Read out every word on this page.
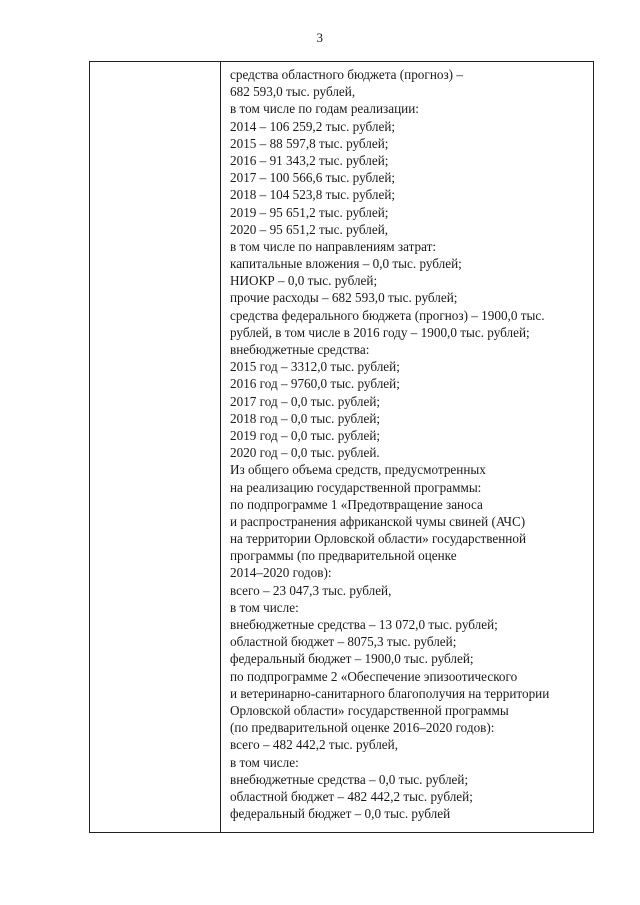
3
средства областного бюджета (прогноз) –
682 593,0 тыс. рублей,
в том числе по годам реализации:
2014 – 106 259,2 тыс. рублей;
2015 – 88 597,8 тыс. рублей;
2016 – 91 343,2 тыс. рублей;
2017 – 100 566,6 тыс. рублей;
2018 – 104 523,8 тыс. рублей;
2019 – 95 651,2 тыс. рублей;
2020 – 95 651,2 тыс. рублей,
в том числе по направлениям затрат:
капитальные вложения – 0,0 тыс. рублей;
НИОКР – 0,0 тыс. рублей;
прочие расходы – 682 593,0 тыс. рублей;
средства федерального бюджета (прогноз) – 1900,0 тыс.
рублей, в том числе в 2016 году – 1900,0 тыс. рублей;
внебюджетные средства:
2015 год – 3312,0 тыс. рублей;
2016 год – 9760,0 тыс. рублей;
2017 год – 0,0 тыс. рублей;
2018 год – 0,0 тыс. рублей;
2019 год – 0,0 тыс. рублей;
2020 год – 0,0 тыс. рублей.
Из общего объема средств, предусмотренных
на реализацию государственной программы:
по подпрограмме 1 «Предотвращение заноса
и распространения африканской чумы свиней (АЧС)
на территории Орловской области» государственной
программы (по предварительной оценке
2014–2020 годов):
всего – 23 047,3 тыс. рублей,
в том числе:
внебюджетные средства – 13 072,0 тыс. рублей;
областной бюджет – 8075,3 тыс. рублей;
федеральный бюджет – 1900,0 тыс. рублей;
по подпрограмме 2 «Обеспечение эпизоотического
и ветеринарно-санитарного благополучия на территории
Орловской области» государственной программы
(по предварительной оценке 2016–2020 годов):
всего – 482 442,2 тыс. рублей,
в том числе:
внебюджетные средства – 0,0 тыс. рублей;
областной бюджет – 482 442,2 тыс. рублей;
федеральный бюджет – 0,0 тыс. рублей
